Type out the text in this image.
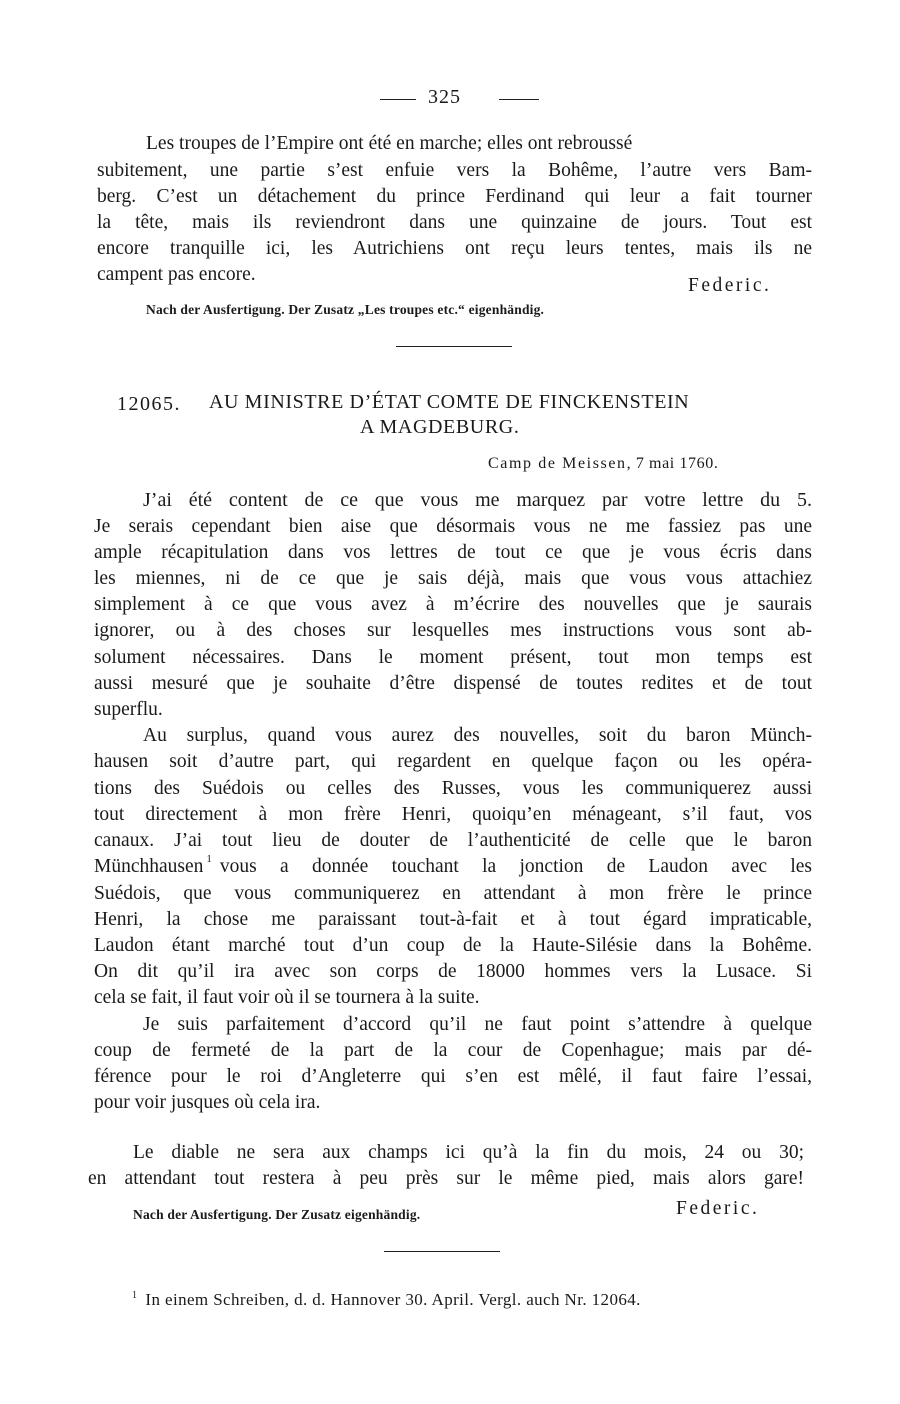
325
Les troupes de l’Empire ont été en marche; elles ont rebroussé
subitement, une partie s’est enfuie vers la Bohême, l’autre vers Bam-
berg. C’est un détachement du prince Ferdinand qui leur a fait tourner
la tête, mais ils reviendront dans une quinzaine de jours. Tout est
encore tranquille ici, les Autrichiens ont reçu leurs tentes, mais ils ne
campent pas encore.
Federic.
Nach der Ausfertigung. Der Zusatz „Les troupes etc.“ eigenhändig.
12065. AU MINISTRE D’ÉTAT COMTE DE FINCKENSTEIN
A MAGDEBURG.
Camp de Meissen, 7 mai 1760.
J’ai été content de ce que vous me marquez par votre lettre du 5.
Je serais cependant bien aise que désormais vous ne me fassiez pas une
ample récapitulation dans vos lettres de tout ce que je vous écris dans
les miennes, ni de ce que je sais déjà, mais que vous vous attachiez
simplement à ce que vous avez à m’écrire des nouvelles que je saurais
ignorer, ou à des choses sur lesquelles mes instructions vous sont ab-
solument nécessaires. Dans le moment présent, tout mon temps est
aussi mesuré que je souhaite d’être dispensé de toutes redites et de tout
superflu.
Au surplus, quand vous aurez des nouvelles, soit du baron Münch-
hausen soit d’autre part, qui regardent en quelque façon ou les opéra-
tions des Suédois ou celles des Russes, vous les communiquerez aussi
tout directement à mon frère Henri, quoiqu’en ménageant, s’il faut, vos
canaux. J’ai tout lieu de douter de l’authenticité de celle que le baron
Münchhausen 1 vous a donnée touchant la jonction de Laudon avec les
Suédois, que vous communiquerez en attendant à mon frère le prince
Henri, la chose me paraissant tout-à-fait et à tout égard impraticable,
Laudon étant marché tout d’un coup de la Haute-Silésie dans la Bohême.
On dit qu’il ira avec son corps de 18000 hommes vers la Lusace. Si
cela se fait, il faut voir où il se tournera à la suite.
Je suis parfaitement d’accord qu’il ne faut point s’attendre à quelque
coup de fermeté de la part de la cour de Copenhague; mais par dé-
férence pour le roi d’Angleterre qui s’en est mêlé, il faut faire l’essai,
pour voir jusques où cela ira.
Le diable ne sera aux champs ici qu’à la fin du mois, 24 ou 30;
en attendant tout restera à peu près sur le même pied, mais alors gare!
Nach der Ausfertigung. Der Zusatz eigenhändig.	Federic.
$^1$ In einem Schreiben, d. d. Hannover 30. April. Vergl. auch Nr. 12064.
